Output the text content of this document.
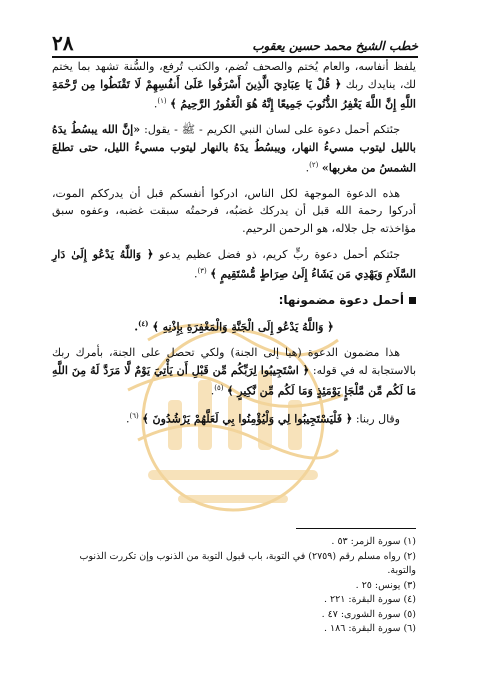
خطب الشيخ محمد حسين يعقوب
٢٨

يلفظ أنفاسه، والعام يُختم والصحف تُضم، والكتب تُرفع، والسُّنة تشهد بما يختم لك، ينايدك ربك ﴿ قُلْ يَا عِبَادِيَ الَّذِينَ أَسْرَفُوا عَلَىٰ أَنفُسِهِمْ لَا تَقْنَطُوا مِن رَّحْمَةِ اللَّهِ إِنَّ اللَّهَ يَغْفِرُ الذُّنُوبَ جَمِيعًا إِنَّهُ هُوَ الْغَفُورُ الرَّحِيمُ ﴾ $^{(١)}$.

جئتكم أحمل دعوة على لسان النبي الكريم - ﷺ - يقول: «إنَّ الله يبسُطُ يدَهُ بالليل ليتوب مسيءُ النهار، ويبسُطُ يدَهُ بالنهار ليتوب مسيءُ الليل، حتى تطلعَ الشمسُ من مغربها» $^{(٢)}$.

هذه الدعوة الموجهة لكل الناس، ادركوا أنفسكم قبل أن يدرككم الموت، أدركوا رحمة الله قبل أن يدركك غضبُه، فرحمتُه سبقت غضبه، وعفوه سبق مؤاخذته جل جلاله، هو الرحمن الرحيم.

جئتكم أحمل دعوة ربٍّ كريم، ذو فضل عظيم يدعو ﴿ وَاللَّهُ يَدْعُو إِلَىٰ دَارِ السَّلَامِ وَيَهْدِي مَن يَشَاءُ إِلَىٰ صِرَاطٍ مُّسْتَقِيمٍ ﴾ $^{(٣)}$.

أحمل دعوة مضمونها:
﴿ وَاللَّهُ يَدْعُو إِلَى الْجَنَّةِ وَالْمَغْفِرَةِ بِإِذْنِهِ ﴾ $^{(٤)}$.

هذا مضمون الدعوة (هيا إلى الجنة) ولكي تحصل على الجنة، بأمرك ربك بالاستجابة له في قوله: ﴿ اسْتَجِيبُوا لِرَبِّكُم مِّن قَبْلِ أَن يَأْتِيَ يَوْمٌ لَّا مَرَدَّ لَهُ مِنَ اللَّهِ مَا لَكُم مِّن مَّلْجَإٍ يَوْمَئِذٍ وَمَا لَكُم مِّن نَّكِيرٍ ﴾ $^{(٥)}$.

وقال ربنا: ﴿ فَلْيَسْتَجِيبُوا لِي وَلْيُؤْمِنُوا بِي لَعَلَّهُمْ يَرْشُدُونَ ﴾ $^{(٦)}$.

(١) سورة الزمر: ٥٣ .

(٢) رواه مسلم رقم (٢٧٥٩) في التوبة، باب قبول التوبة من الذنوب وإن تكررت الذنوب والتوبة.

(٣) يونس: ٢٥ .

(٤) سورة البقرة: ٢٢١ .

(٥) سورة الشورى: ٤٧ .

(٦) سورة البقرة: ١٨٦ .
